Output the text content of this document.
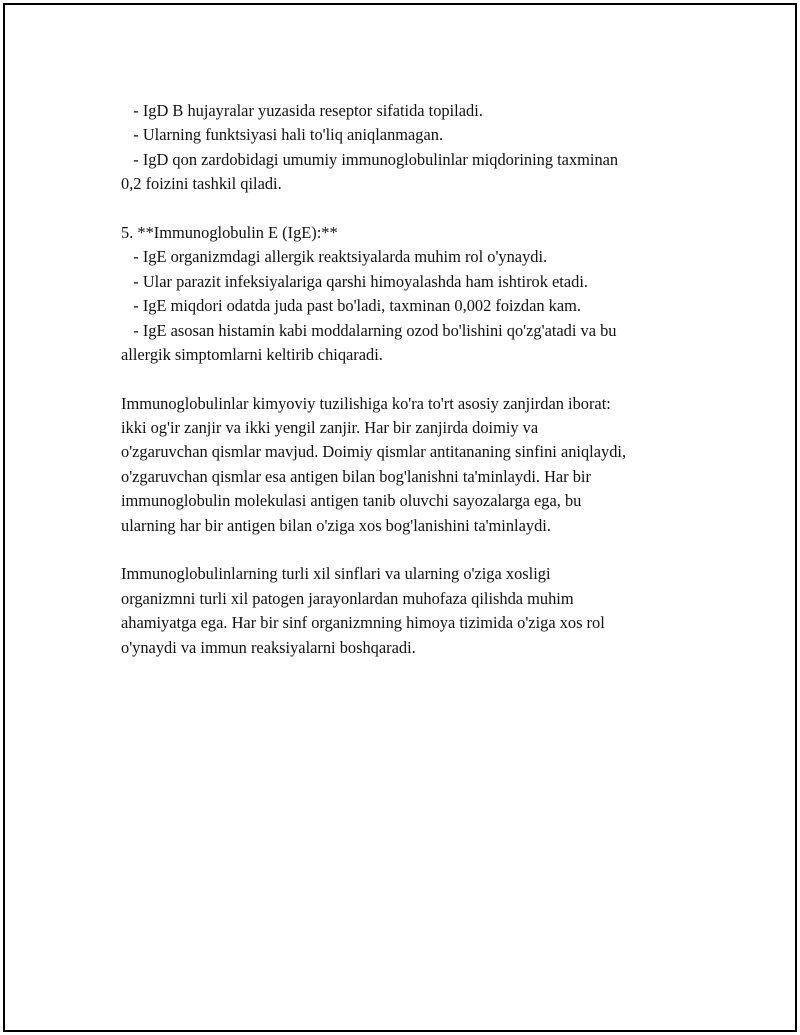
- IgD B hujayralar yuzasida reseptor sifatida topiladi.

- Ularning funktsiyasi hali to'liq aniqlanmagan.

- IgD qon zardobidagi umumiy immunoglobulinlar miqdorining taxminan

0,2 foizini tashkil qiladi.

5. **Immunoglobulin E (IgE):**

- IgE organizmdagi allergik reaktsiyalarda muhim rol o'ynaydi.

- Ular parazit infeksiyalariga qarshi himoyalashda ham ishtirok etadi.

- IgE miqdori odatda juda past bo'ladi, taxminan 0,002 foizdan kam.

- IgE asosan histamin kabi moddalarning ozod bo'lishini qo'zg'atadi va bu

allergik simptomlarni keltirib chiqaradi.

Immunoglobulinlar kimyoviy tuzilishiga ko'ra to'rt asosiy zanjirdan iborat:

ikki og'ir zanjir va ikki yengil zanjir. Har bir zanjirda doimiy va

o'zgaruvchan qismlar mavjud. Doimiy qismlar antitananing sinfini aniqlaydi,

o'zgaruvchan qismlar esa antigen bilan bog'lanishni ta'minlaydi. Har bir

immunoglobulin molekulasi antigen tanib oluvchi sayozalarga ega, bu

ularning har bir antigen bilan o'ziga xos bog'lanishini ta'minlaydi.

Immunoglobulinlarning turli xil sinflari va ularning o'ziga xosligi

organizmni turli xil patogen jarayonlardan muhofaza qilishda muhim

ahamiyatga ega. Har bir sinf organizmning himoya tizimida o'ziga xos rol

o'ynaydi va immun reaksiyalarni boshqaradi.
